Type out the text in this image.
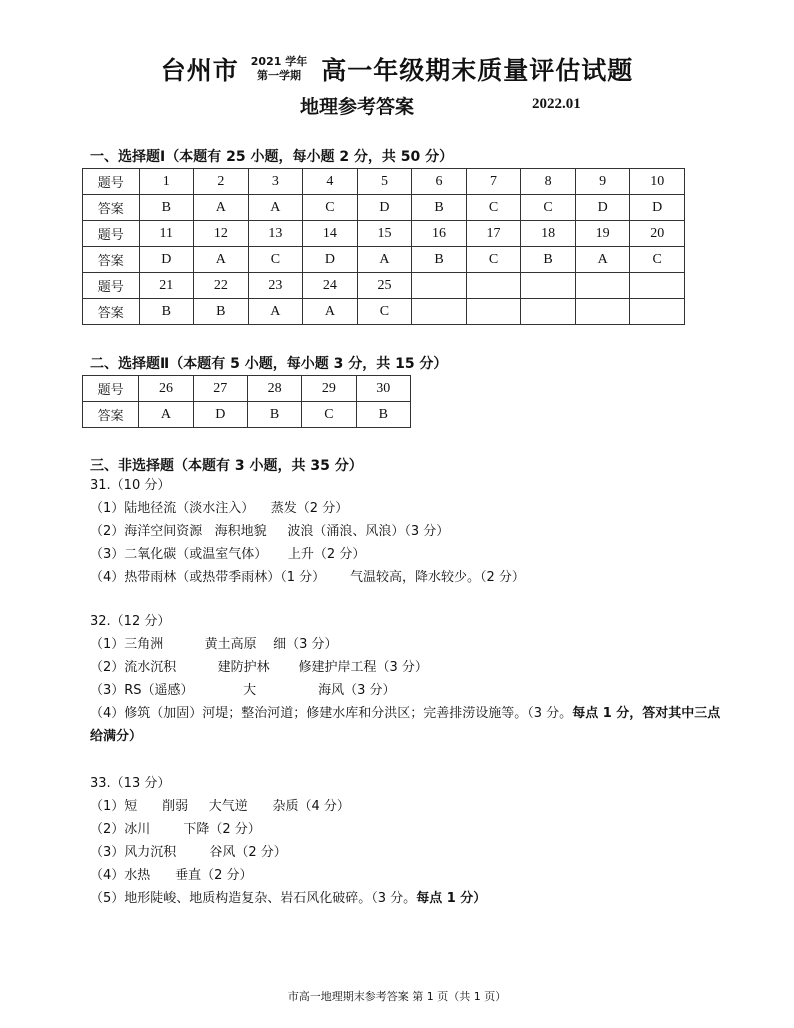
台州市 2021 学年
第一学期 高一年级期末质量评估试题
地理参考答案	2022.01
一、选择题Ⅰ（本题有 25 小题，每小题 2 分，共 50 分）
题号	1	2	3	4	5	6	7	8	9	10
答案	B	A	A	C	D	B	C	C	D	D
题号	11	12	13	14	15	16	17	18	19	20
答案	D	A	C	D	A	B	C	B	A	C
题号	21	22	23	24	25					
答案	B	B	A	A	C					
二、选择题Ⅱ（本题有 5 小题，每小题 3 分，共 15 分）
题号	26	27	28	29	30
答案	A	D	B	C	B
三、非选择题（本题有 3 小题，共 35 分）

31.（10 分）

（1）陆地径流（淡水注入）    蒸发（2 分）

（2）海洋空间资源   海积地貌     波浪（涌浪、风浪）（3 分）

（3）二氧化碳（或温室气体）     上升（2 分）

（4）热带雨林（或热带季雨林）（1 分）      气温较高，降水较少。（2 分）

32.（12 分）

（1）三角洲          黄土高原    细（3 分）

（2）流水沉积          建防护林       修建护岸工程（3 分）

（3）RS（遥感）            大               海风（3 分）

（4）修筑（加固）河堤；整治河道；修建水库和分洪区；完善排涝设施等。（3 分。每点 1 分，答对其中三点给满分）

33.（13 分）

（1）短      削弱     大气逆      杂质（4 分）

（2）冰川        下降（2 分）

（3）风力沉积        谷风（2 分）

（4）水热      垂直（2 分）

（5）地形陡峻、地质构造复杂、岩石风化破碎。（3 分。每点 1 分）

市高一地理期末参考答案 第 1 页（共 1 页）
